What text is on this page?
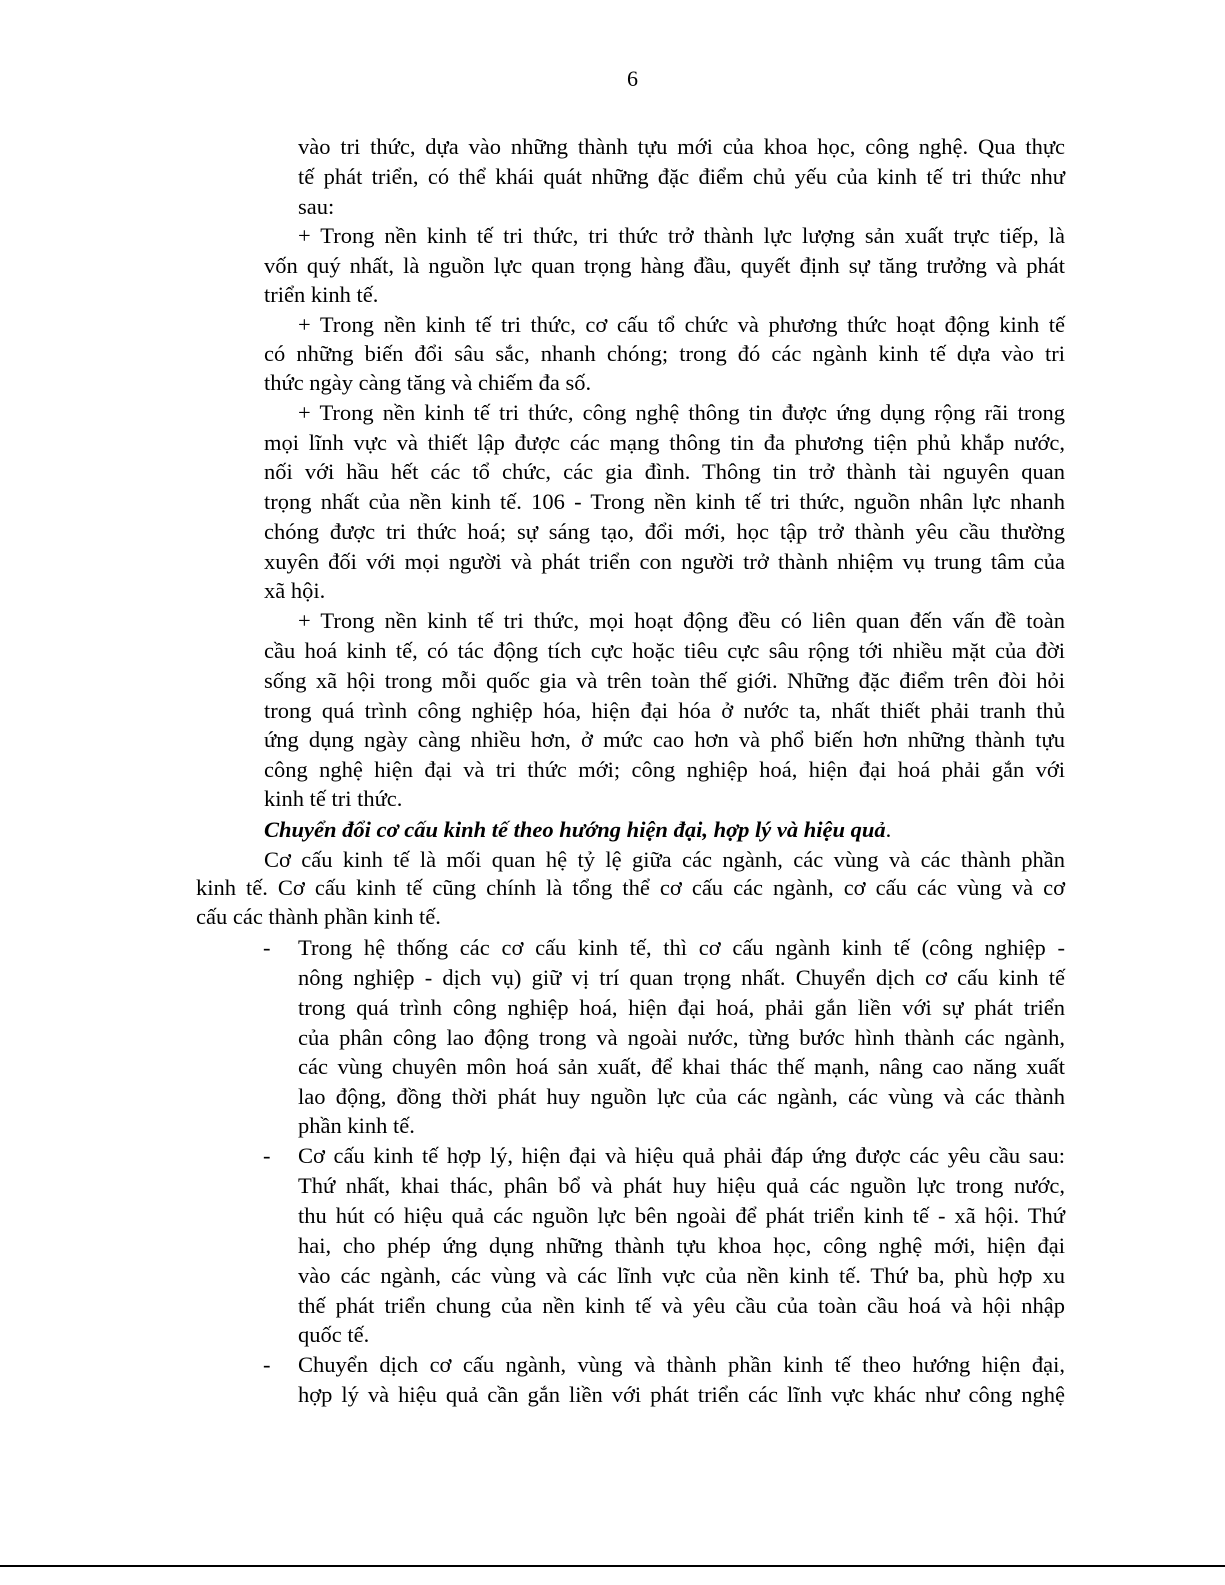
6
vào tri thức, dựa vào những thành tựu mới của khoa học, công nghệ. Qua thực
tế phát triển, có thể khái quát những đặc điểm chủ yếu của kinh tế tri thức như
sau:
+ Trong nền kinh tế tri thức, tri thức trở thành lực lượng sản xuất trực tiếp, là
vốn quý nhất, là nguồn lực quan trọng hàng đầu, quyết định sự tăng trưởng và phát
triển kinh tế.
+ Trong nền kinh tế tri thức, cơ cấu tổ chức và phương thức hoạt động kinh tế
có những biến đổi sâu sắc, nhanh chóng; trong đó các ngành kinh tế dựa vào tri
thức ngày càng tăng và chiếm đa số.
+ Trong nền kinh tế tri thức, công nghệ thông tin được ứng dụng rộng rãi trong
mọi lĩnh vực và thiết lập được các mạng thông tin đa phương tiện phủ khắp nước,
nối với hầu hết các tổ chức, các gia đình. Thông tin trở thành tài nguyên quan
trọng nhất của nền kinh tế. 106 - Trong nền kinh tế tri thức, nguồn nhân lực nhanh
chóng được tri thức hoá; sự sáng tạo, đổi mới, học tập trở thành yêu cầu thường
xuyên đối với mọi người và phát triển con người trở thành nhiệm vụ trung tâm của
xã hội.
+ Trong nền kinh tế tri thức, mọi hoạt động đều có liên quan đến vấn đề toàn
cầu hoá kinh tế, có tác động tích cực hoặc tiêu cực sâu rộng tới nhiều mặt của đời
sống xã hội trong mỗi quốc gia và trên toàn thế giới. Những đặc điểm trên đòi hỏi
trong quá trình công nghiệp hóa, hiện đại hóa ở nước ta, nhất thiết phải tranh thủ
ứng dụng ngày càng nhiều hơn, ở mức cao hơn và phổ biến hơn những thành tựu
công nghệ hiện đại và tri thức mới; công nghiệp hoá, hiện đại hoá phải gắn với
kinh tế tri thức.
Chuyển đổi cơ cấu kinh tế theo hướng hiện đại, hợp lý và hiệu quả.
Cơ cấu kinh tế là mối quan hệ tỷ lệ giữa các ngành, các vùng và các thành phần
kinh tế. Cơ cấu kinh tế cũng chính là tổng thể cơ cấu các ngành, cơ cấu các vùng và cơ
cấu các thành phần kinh tế.
- Trong hệ thống các cơ cấu kinh tế, thì cơ cấu ngành kinh tế (công nghiệp -
nông nghiệp - dịch vụ) giữ vị trí quan trọng nhất. Chuyển dịch cơ cấu kinh tế
trong quá trình công nghiệp hoá, hiện đại hoá, phải gắn liền với sự phát triển
của phân công lao động trong và ngoài nước, từng bước hình thành các ngành,
các vùng chuyên môn hoá sản xuất, để khai thác thế mạnh, nâng cao năng xuất
lao động, đồng thời phát huy nguồn lực của các ngành, các vùng và các thành
phần kinh tế.
- Cơ cấu kinh tế hợp lý, hiện đại và hiệu quả phải đáp ứng được các yêu cầu sau:
Thứ nhất, khai thác, phân bổ và phát huy hiệu quả các nguồn lực trong nước,
thu hút có hiệu quả các nguồn lực bên ngoài để phát triển kinh tế - xã hội. Thứ
hai, cho phép ứng dụng những thành tựu khoa học, công nghệ mới, hiện đại
vào các ngành, các vùng và các lĩnh vực của nền kinh tế. Thứ ba, phù hợp xu
thế phát triển chung của nền kinh tế và yêu cầu của toàn cầu hoá và hội nhập
quốc tế.
- Chuyển dịch cơ cấu ngành, vùng và thành phần kinh tế theo hướng hiện đại,
hợp lý và hiệu quả cần gắn liền với phát triển các lĩnh vực khác như công nghệ
